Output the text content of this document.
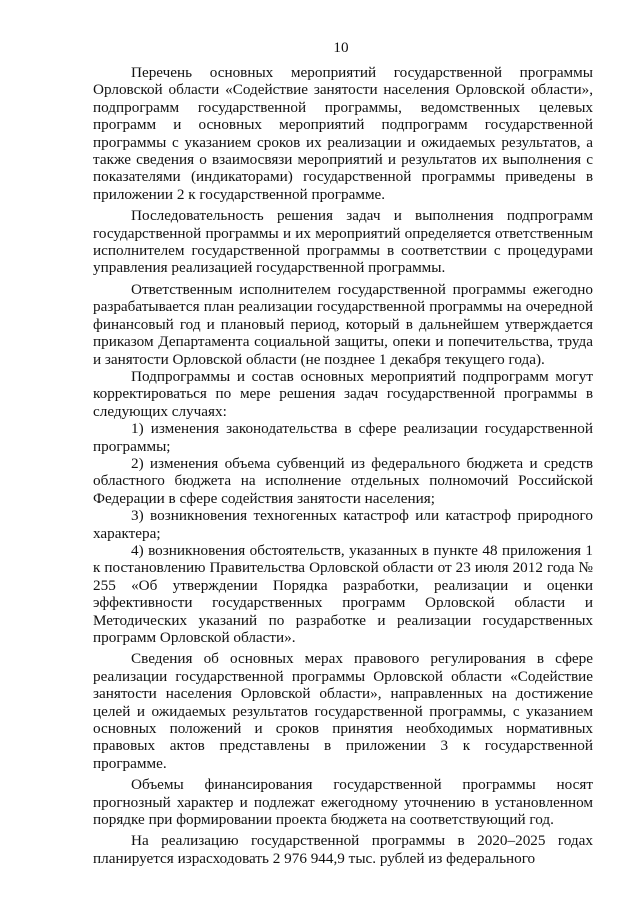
10

Перечень основных мероприятий государственной программы Орловской области «Содействие занятости населения Орловской области», подпрограмм государственной программы, ведомственных целевых программ и основных мероприятий подпрограмм государственной программы с указанием сроков их реализации и ожидаемых результатов, а также сведения о взаимосвязи мероприятий и результатов их выполнения с показателями (индикаторами) государственной программы приведены в приложении 2 к государственной программе.

Последовательность решения задач и выполнения подпрограмм государственной программы и их мероприятий определяется ответственным исполнителем государственной программы в соответствии с процедурами управления реализацией государственной программы.

Ответственным исполнителем государственной программы ежегодно разрабатывается план реализации государственной программы на очередной финансовый год и плановый период, который в дальнейшем утверждается приказом Департамента социальной защиты, опеки и попечительства, труда и занятости Орловской области (не позднее 1 декабря текущего года).

Подпрограммы и состав основных мероприятий подпрограмм могут корректироваться по мере решения задач государственной программы в следующих случаях:

1) изменения законодательства в сфере реализации государственной программы;

2) изменения объема субвенций из федерального бюджета и средств областного бюджета на исполнение отдельных полномочий Российской Федерации в сфере содействия занятости населения;

3) возникновения техногенных катастроф или катастроф природного характера;

4) возникновения обстоятельств, указанных в пункте 48 приложения 1 к постановлению Правительства Орловской области от 23 июля 2012 года № 255 «Об утверждении Порядка разработки, реализации и оценки эффективности государственных программ Орловской области и Методических указаний по разработке и реализации государственных программ Орловской области».

Сведения об основных мерах правового регулирования в сфере реализации государственной программы Орловской области «Содействие занятости населения Орловской области», направленных на достижение целей и ожидаемых результатов государственной программы, с указанием основных положений и сроков принятия необходимых нормативных правовых актов представлены в приложении 3 к государственной программе.

Объемы финансирования государственной программы носят прогнозный характер и подлежат ежегодному уточнению в установленном порядке при формировании проекта бюджета на соответствующий год.

На реализацию государственной программы в 2020–2025 годах планируется израсходовать 2 976 944,9 тыс. рублей из федерального
